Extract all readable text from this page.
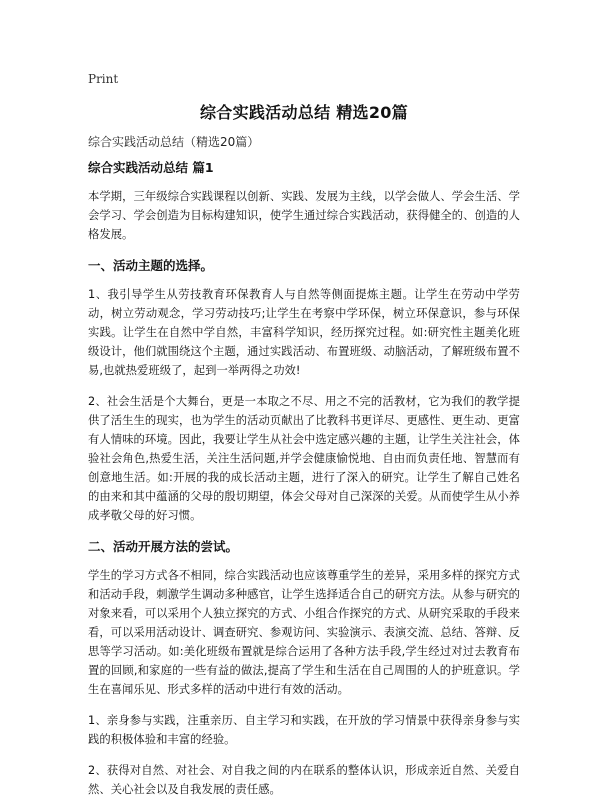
Print
综合实践活动总结 精选20篇
综合实践活动总结（精选20篇）
综合实践活动总结 篇1
本学期，三年级综合实践课程以创新、实践、发展为主线，以学会做人、学会生活、学会学习、学会创造为目标构建知识，使学生通过综合实践活动，获得健全的、创造的人格发展。
一、活动主题的选择。
1、我引导学生从劳技教育环保教育人与自然等侧面提炼主题。让学生在劳动中学劳动，树立劳动观念，学习劳动技巧;让学生在考察中学环保，树立环保意识，参与环保实践。让学生在自然中学自然，丰富科学知识，经历探究过程。如:研究性主题美化班级设计，他们就围绕这个主题，通过实践活动、布置班级、动脑活动，了解班级布置不易,也就热爱班级了，起到一举两得之功效!
2、社会生活是个大舞台，更是一本取之不尽、用之不完的活教材，它为我们的教学提供了活生生的现实，也为学生的活动页献出了比教科书更详尽、更感性、更生动、更富有人情味的环境。因此，我要让学生从社会中选定感兴趣的主题，让学生关注社会，体验社会角色,热爱生活，关注生活问题,并学会健康愉悦地、自由而负责任地、智慧而有创意地生活。如:开展的我的成长活动主题，进行了深入的研究。让学生了解自己姓名的由来和其中蕴涵的父母的殷切期望，体会父母对自己深深的关爱。从而使学生从小养成孝敬父母的好习惯。
二、活动开展方法的尝试。
学生的学习方式各不相同，综合实践活动也应该尊重学生的差异，采用多样的探究方式和活动手段，刺激学生调动多种感官，让学生选择适合自己的研究方法。从参与研究的对象来看，可以采用个人独立探究的方式、小组合作探究的方式、从研究采取的手段来看，可以采用活动设计、调查研究、参观访问、实验演示、表演交流、总结、答辩、反思等学习活动。如:美化班级布置就是综合运用了各种方法手段,学生经过对过去教育布置的回顾,和家庭的一些有益的做法,提高了学生和生活在自己周围的人的护班意识。学生在喜闻乐见、形式多样的活动中进行有效的活动。
1、亲身参与实践，注重亲历、自主学习和实践，在开放的学习情景中获得亲身参与实践的积极体验和丰富的经验。
2、获得对自然、对社会、对自我之间的内在联系的整体认识，形成亲近自然、关爱自然、关心社会以及自我发展的责任感。
